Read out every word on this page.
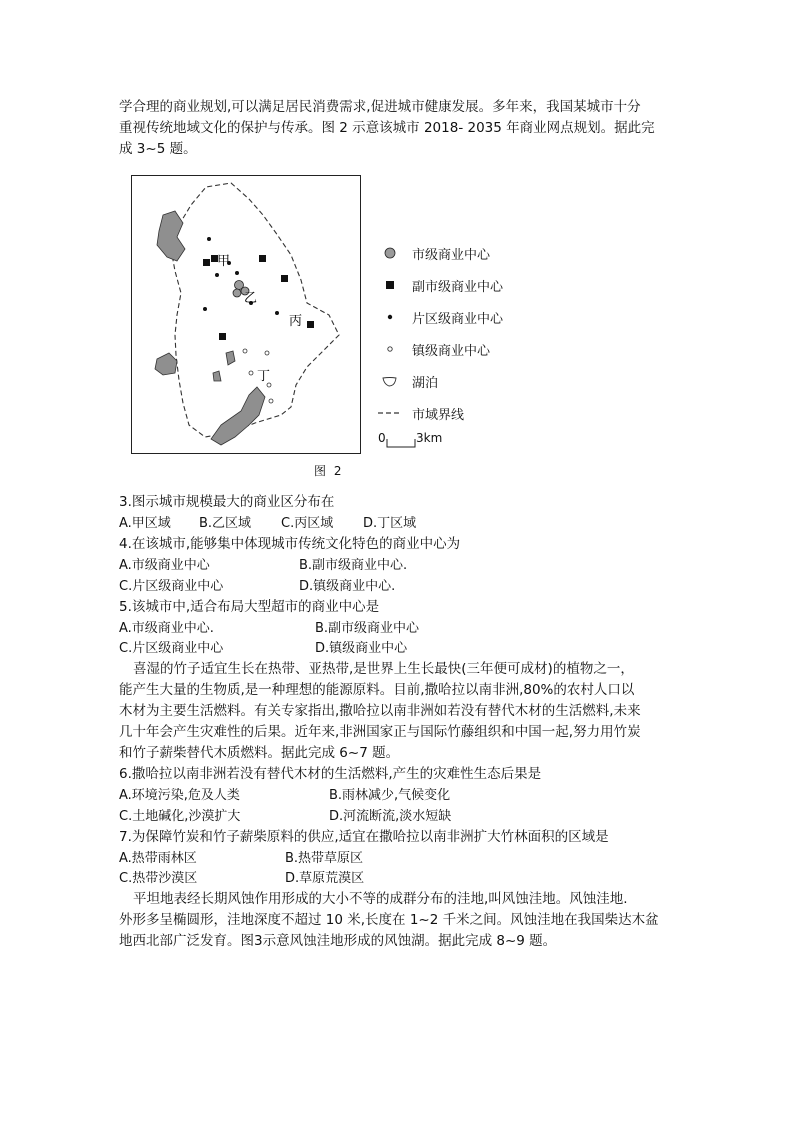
学合理的商业规划,可以满足居民消费需求,促进城市健康发展。多年来，我国某城市十分
重视传统地域文化的保护与传承。图 2 示意该城市 2018- 2035 年商业网点规划。据此完
成 3~5 题。
甲
乙
丙
丁
图 2
市级商业中心
副市级商业中心
片区级商业中心
镇级商业中心
湖泊
市域界线
0	3km
3.图示城市规模最大的商业区分布在
A.甲区域 B.乙区域 C.丙区域 D.丁区域
4.在该城市,能够集中体现城市传统文化特色的商业中心为
A.市级商业中心	B.副市级商业中心.
C.片区级商业中心	D.镇级商业中心.
5.该城市中,适合布局大型超市的商业中心是
A.市级商业中心.	B.副市级商业中心
C.片区级商业中心	D.镇级商业中心
喜湿的竹子适宜生长在热带、亚热带,是世界上生长最快(三年便可成材)的植物之一，
能产生大量的生物质,是一种理想的能源原料。目前,撒哈拉以南非洲,80%的农村人口以
木材为主要生活燃料。有关专家指出,撒哈拉以南非洲如若没有替代木材的生活燃料,未来
几十年会产生灾难性的后果。近年来,非洲国家正与国际竹藤组织和中国一起,努力用竹炭
和竹子薪柴替代木质燃料。据此完成 6~7 题。
6.撒哈拉以南非洲若没有替代木材的生活燃料,产生的灾难性生态后果是
A.环境污染,危及人类	B.雨林减少,气候变化
C.土地碱化,沙漠扩大	D.河流断流,淡水短缺
7.为保障竹炭和竹子薪柴原料的供应,适宜在撒哈拉以南非洲扩大竹林面积的区域是
A.热带雨林区	B.热带草原区
C.热带沙漠区	D.草原荒漠区
平坦地表经长期风蚀作用形成的大小不等的成群分布的洼地,叫风蚀洼地。风蚀洼地.
外形多呈椭圆形，洼地深度不超过 10 米,长度在 1~2 千米之间。风蚀洼地在我国柴达木盆
地西北部广泛发育。图3示意风蚀洼地形成的风蚀湖。据此完成 8~9 题。
